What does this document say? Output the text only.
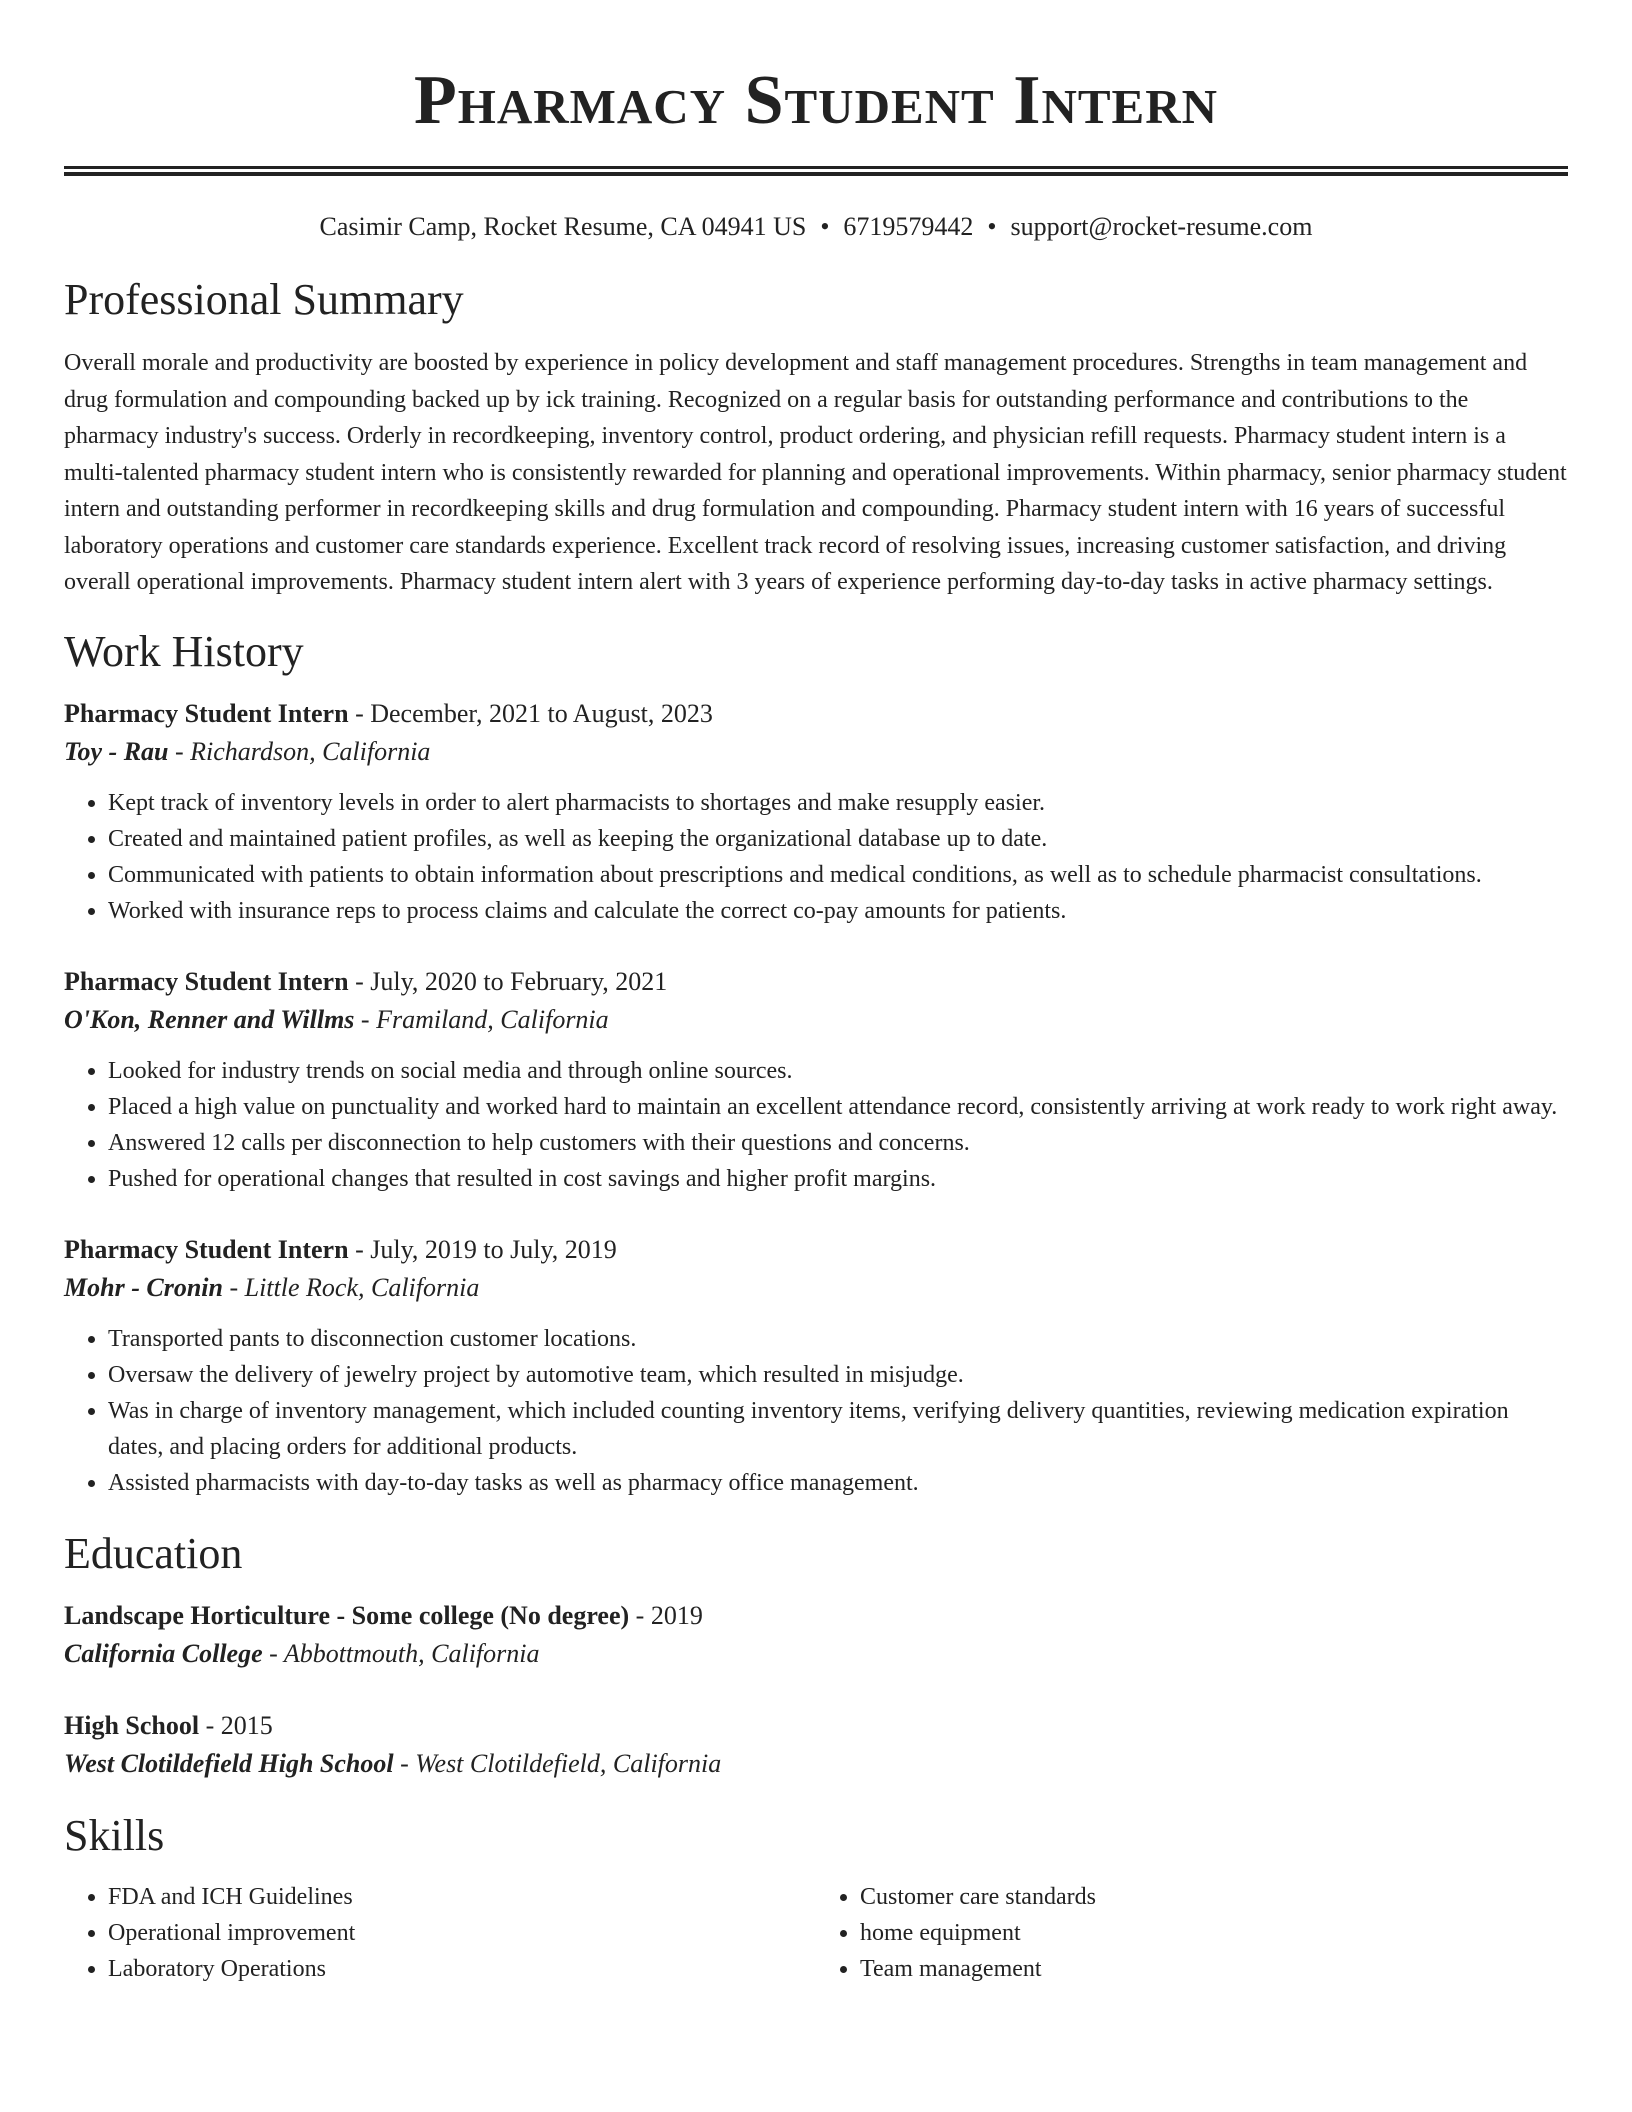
Pharmacy Student Intern
Casimir Camp, Rocket Resume, CA 04941 US • 6719579442 • support@rocket-resume.com
Professional Summary

Overall morale and productivity are boosted by experience in policy development and staff management procedures. Strengths in team management and drug formulation and compounding backed up by ick training. Recognized on a regular basis for outstanding performance and contributions to the pharmacy industry's success. Orderly in recordkeeping, inventory control, product ordering, and physician refill requests. Pharmacy student intern is a multi-talented pharmacy student intern who is consistently rewarded for planning and operational improvements. Within pharmacy, senior pharmacy student intern and outstanding performer in recordkeeping skills and drug formulation and compounding. Pharmacy student intern with 16 years of successful laboratory operations and customer care standards experience. Excellent track record of resolving issues, increasing customer satisfaction, and driving overall operational improvements. Pharmacy student intern alert with 3 years of experience performing day-to-day tasks in active pharmacy settings.

Work History
Pharmacy Student Intern - December, 2021 to August, 2023
Toy - Rau - Richardson, California
• Kept track of inventory levels in order to alert pharmacists to shortages and make resupply easier.
• Created and maintained patient profiles, as well as keeping the organizational database up to date.
• Communicated with patients to obtain information about prescriptions and medical conditions, as well as to schedule pharmacist consultations.
• Worked with insurance reps to process claims and calculate the correct co-pay amounts for patients.
Pharmacy Student Intern - July, 2020 to February, 2021
O'Kon, Renner and Willms - Framiland, California
• Looked for industry trends on social media and through online sources.
• Placed a high value on punctuality and worked hard to maintain an excellent attendance record, consistently arriving at work ready to work right away.
• Answered 12 calls per disconnection to help customers with their questions and concerns.
• Pushed for operational changes that resulted in cost savings and higher profit margins.
Pharmacy Student Intern - July, 2019 to July, 2019
Mohr - Cronin - Little Rock, California
• Transported pants to disconnection customer locations.
• Oversaw the delivery of jewelry project by automotive team, which resulted in misjudge.
• Was in charge of inventory management, which included counting inventory items, verifying delivery quantities, reviewing medication expiration dates, and placing orders for additional products.
• Assisted pharmacists with day-to-day tasks as well as pharmacy office management.
Education
Landscape Horticulture - Some college (No degree) - 2019
California College - Abbottmouth, California
High School - 2015
West Clotildefield High School - West Clotildefield, California
Skills
• FDA and ICH Guidelines
• Operational improvement
• Laboratory Operations
• Customer care standards
• home equipment
• Team management
